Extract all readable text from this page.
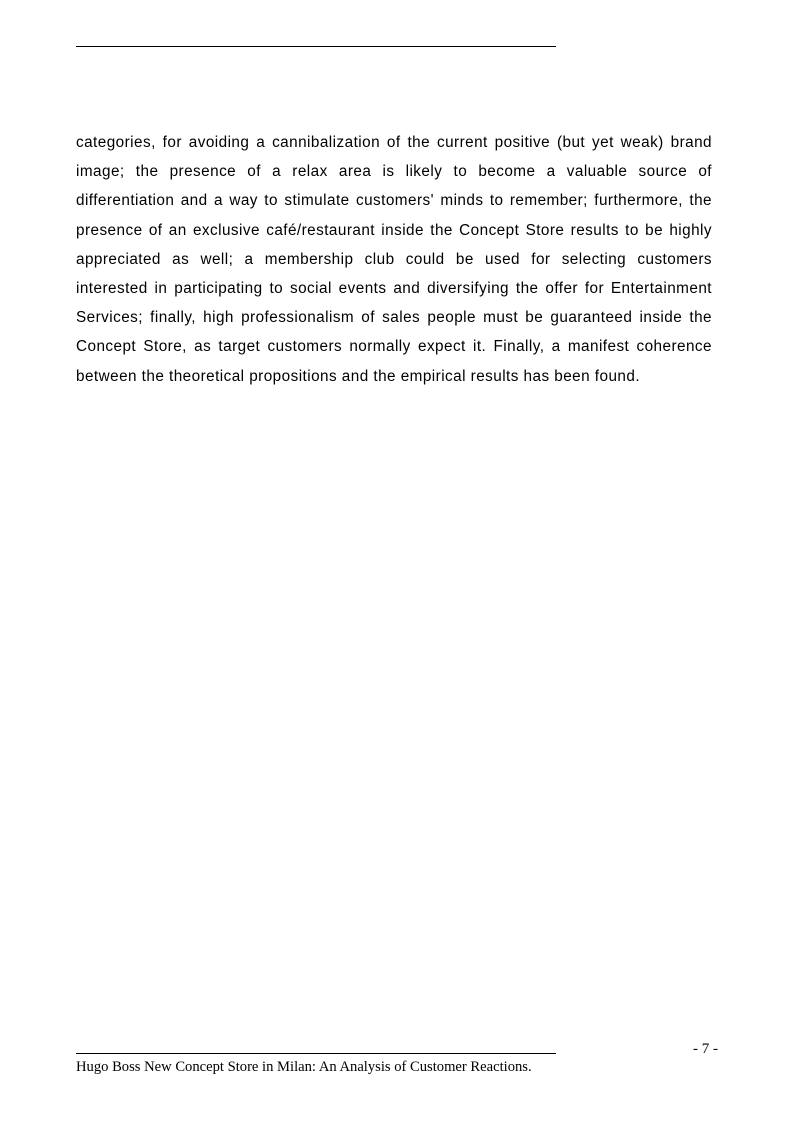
categories, for avoiding a cannibalization of the current positive (but yet weak) brand image; the presence of a relax area is likely to become a valuable source of differentiation and a way to stimulate customers' minds to remember; furthermore, the presence of an exclusive café/restaurant inside the Concept Store results to be highly appreciated as well; a membership club could be used for selecting customers interested in participating to social events and diversifying the offer for Entertainment Services; finally, high professionalism of sales people must be guaranteed inside the Concept Store, as target customers normally expect it. Finally, a manifest coherence between the theoretical propositions and the empirical results has been found.

- 7 -
Hugo Boss New Concept Store in Milan: An Analysis of Customer Reactions.
